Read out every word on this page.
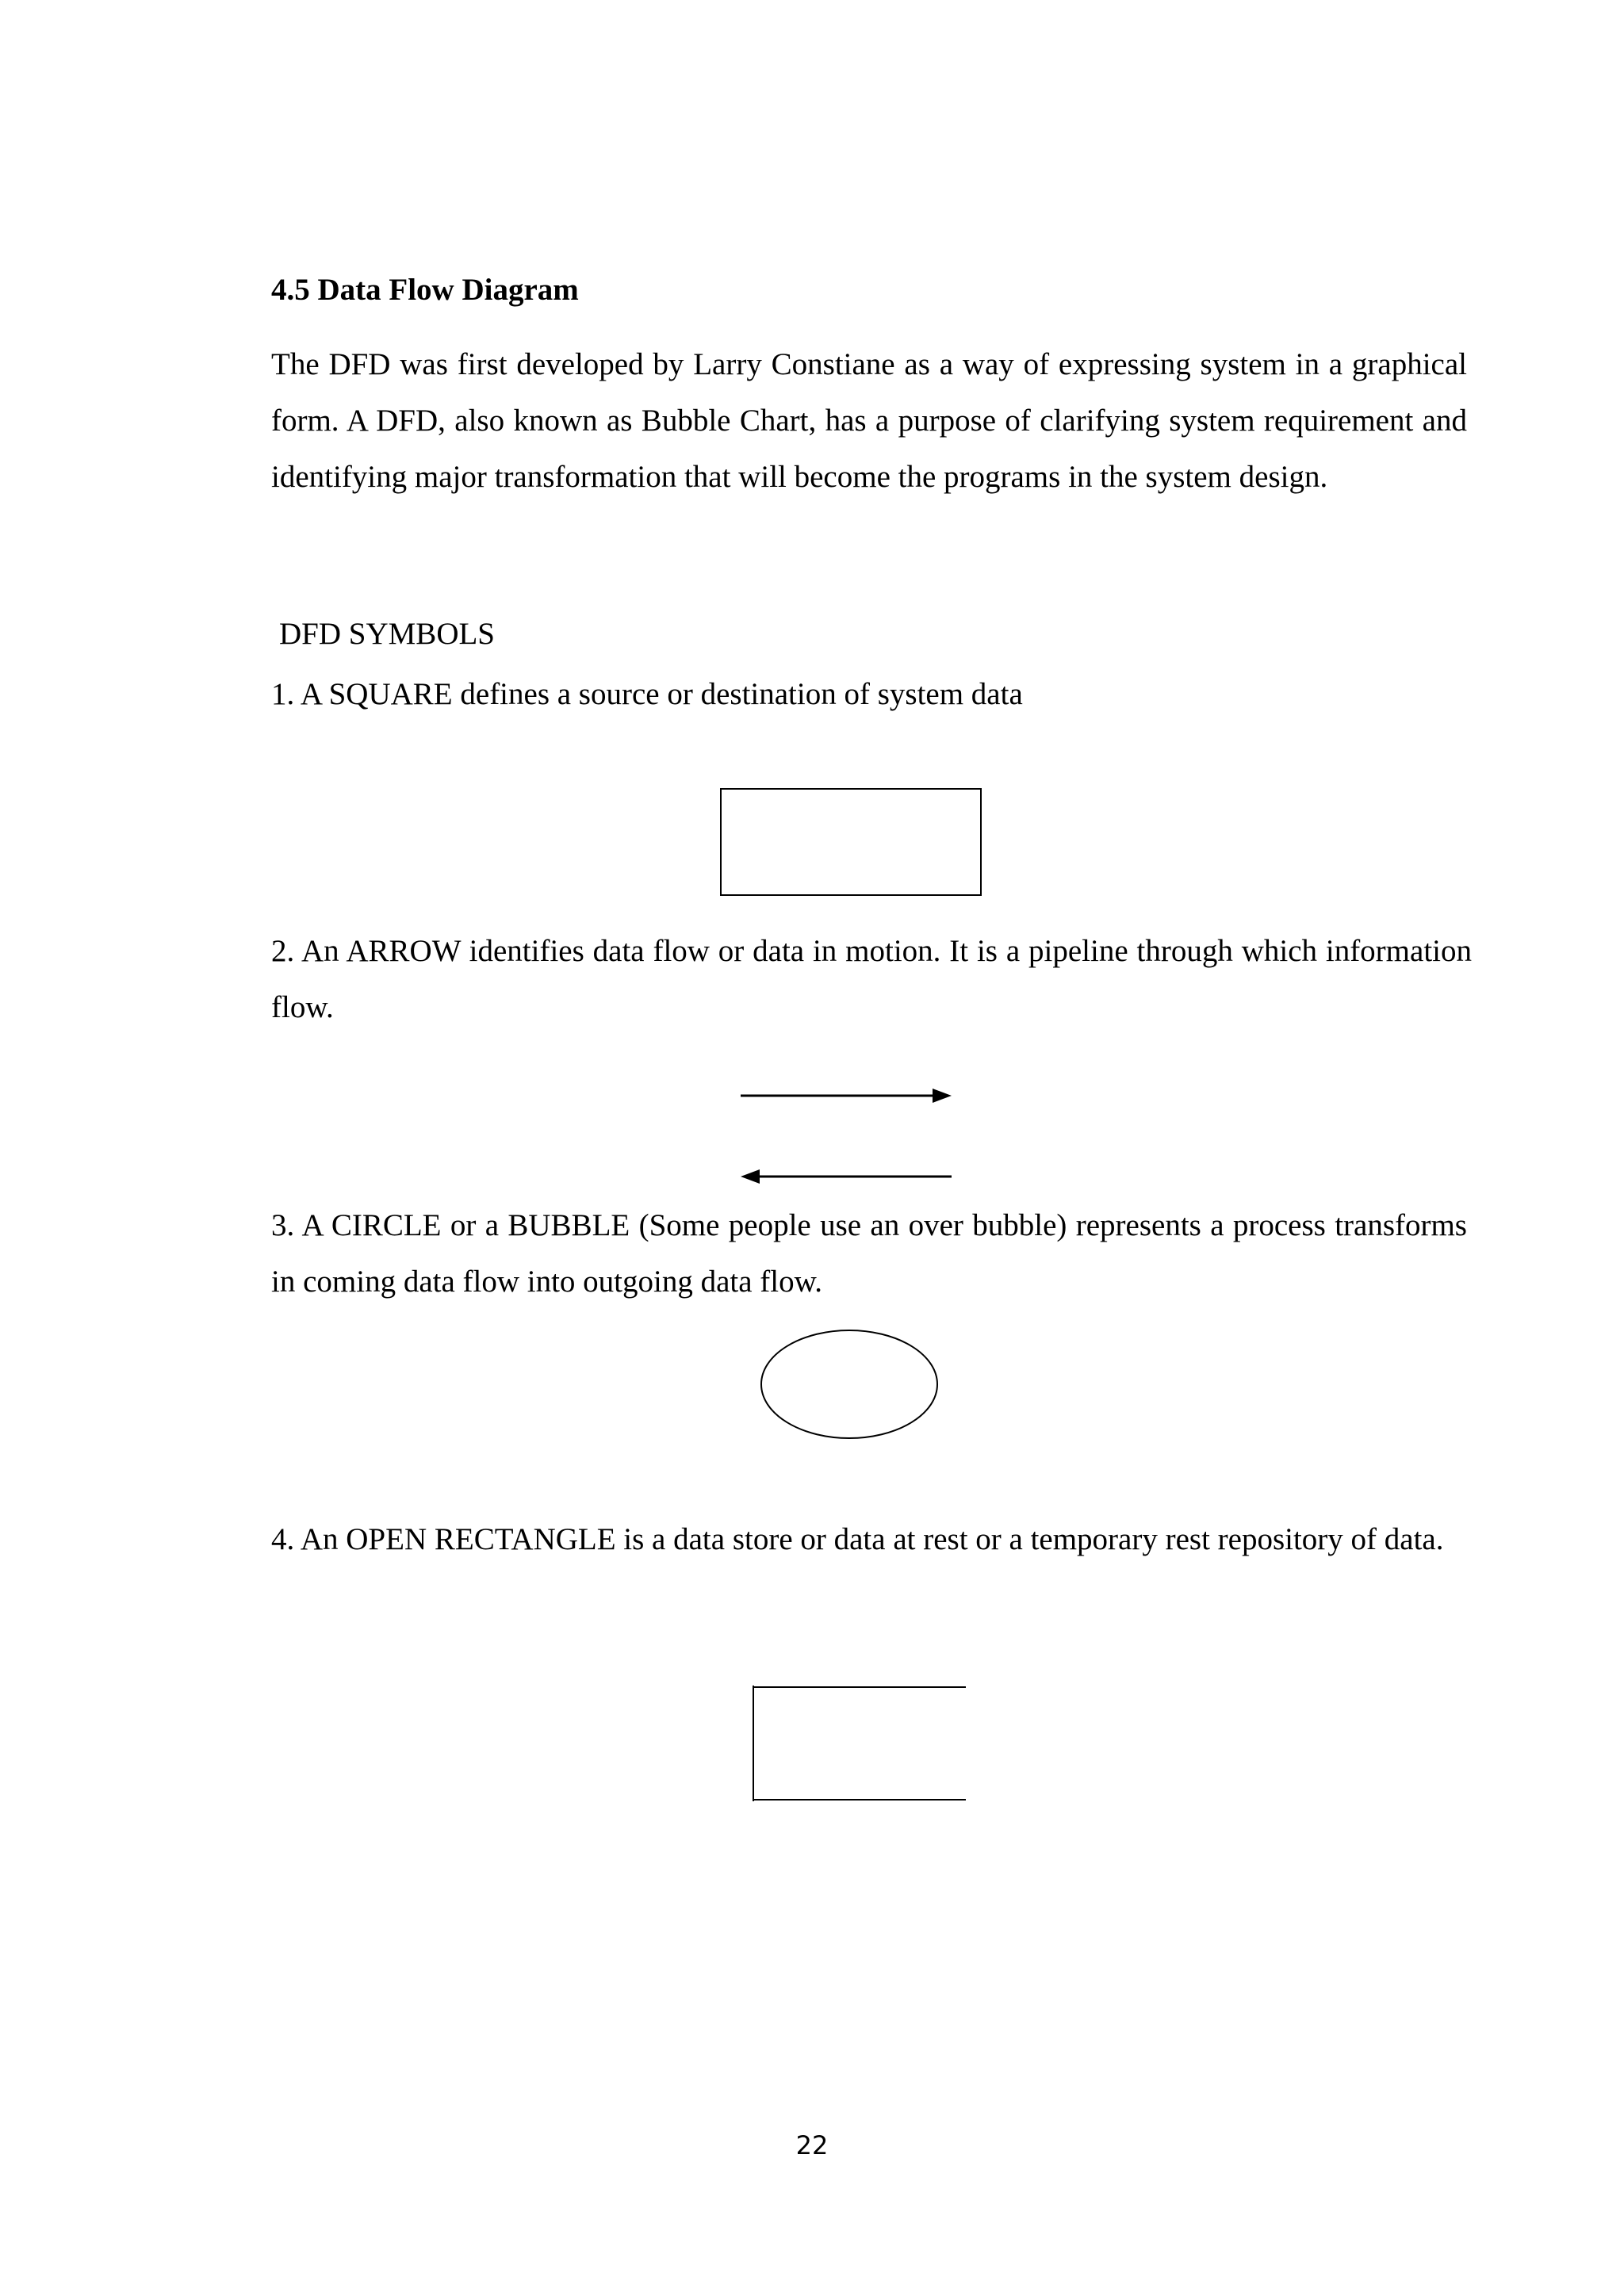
4.5 Data Flow Diagram
The DFD was first developed by Larry Constiane as a way of expressing system in a graphical form. A DFD, also known as Bubble Chart, has a purpose of clarifying system requirement and identifying major transformation that will become the programs in the system design.
DFD SYMBOLS
1. A SQUARE defines a source or destination of system data
2. An ARROW identifies data flow or data in motion. It is a pipeline through which information flow.
3. A CIRCLE or a BUBBLE (Some people use an over bubble) represents a process transforms in coming data flow into outgoing data flow.
4. An OPEN RECTANGLE is a data store or data at rest or a temporary rest repository of data.
22
